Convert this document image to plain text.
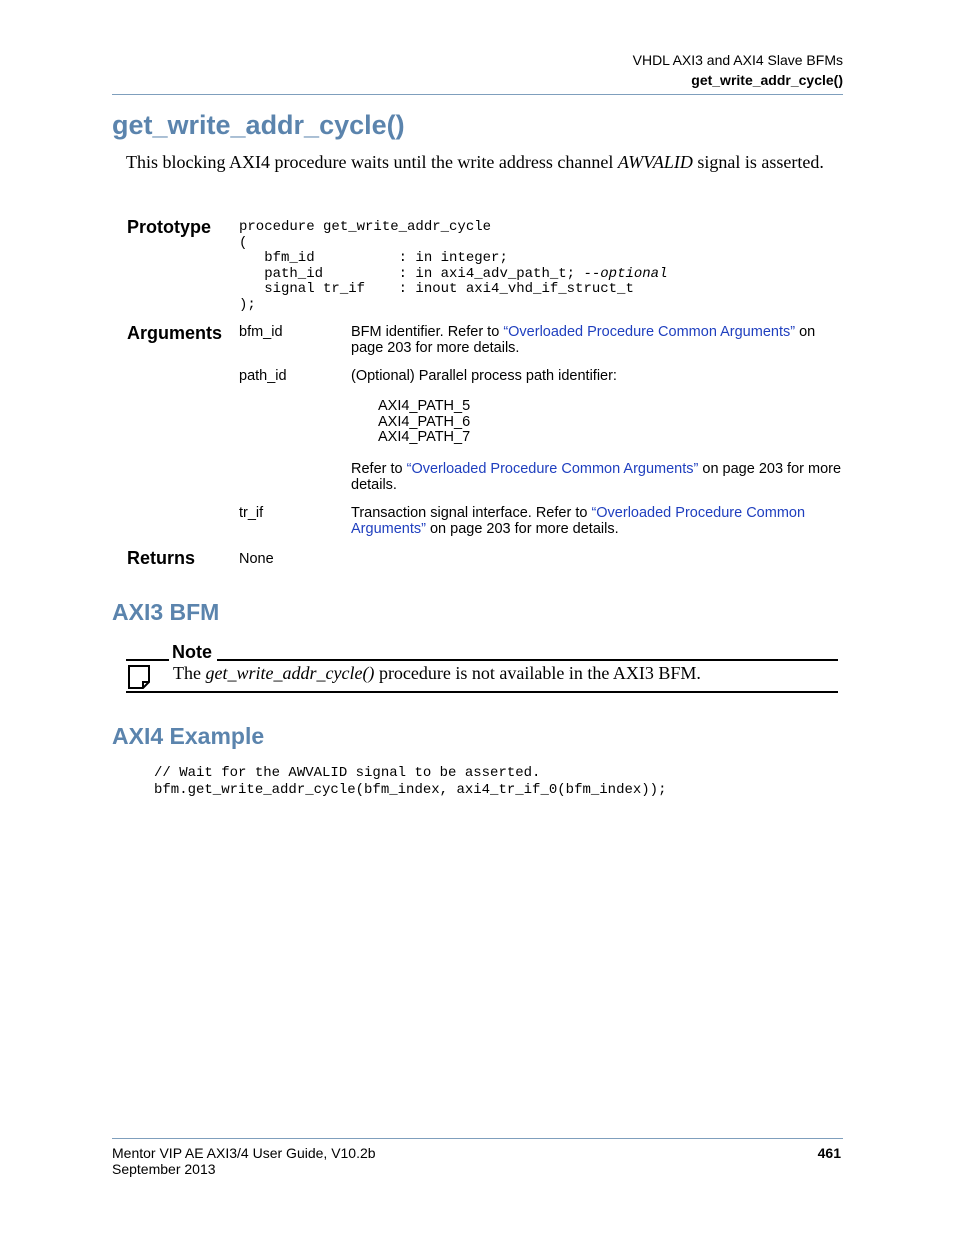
VHDL AXI3 and AXI4 Slave BFMs
get_write_addr_cycle()
get_write_addr_cycle()
This blocking AXI4 procedure waits until the write address channel AWVALID signal is asserted.
Prototype procedure get_write_addr_cycle
(
bfm_id          : in integer;
path_id         : in axi4_adv_path_t; --optional
signal tr_if    : inout axi4_vhd_if_struct_t
);
Arguments bfm_id	BFM identifier. Refer to “Overloaded Procedure Common Arguments” on page 203 for more details.
path_id	(Optional) Parallel process path identifier:
AXI4_PATH_5
AXI4_PATH_6
AXI4_PATH_7
Refer to “Overloaded Procedure Common Arguments” on page 203 for more details.
tr_if	Transaction signal interface. Refer to “Overloaded Procedure Common Arguments” on page 203 for more details.
Returns	None
AXI3 BFM
Note
The get_write_addr_cycle() procedure is not available in the AXI3 BFM.
AXI4 Example
// Wait for the AWVALID signal to be asserted.
bfm.get_write_addr_cycle(bfm_index, axi4_tr_if_0(bfm_index));
Mentor VIP AE AXI3/4 User Guide, V10.2b
September 2013
461
